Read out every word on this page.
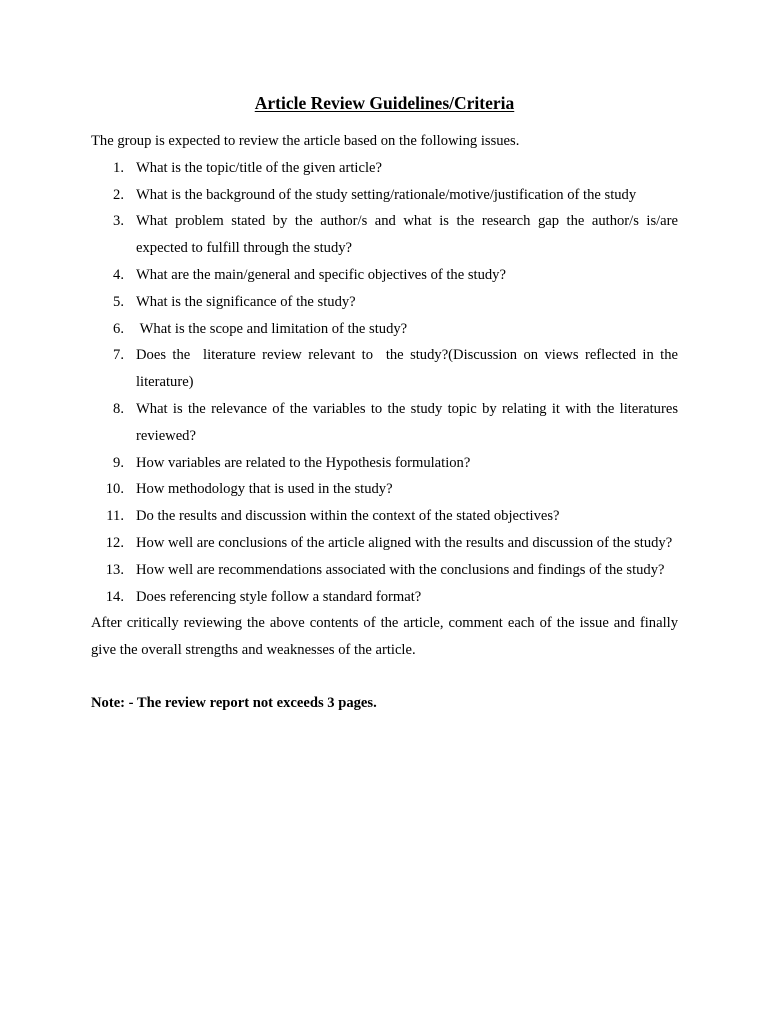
Article Review Guidelines/Criteria

The group is expected to review the article based on the following issues.

1. What is the topic/title of the given article?
2. What is the background of the study setting/rationale/motive/justification of the study
3. What problem stated by the author/s and what is the research gap the author/s is/are expected to fulfill through the study?
4. What are the main/general and specific objectives of the study?
5. What is the significance of the study?
6. What is the scope and limitation of the study?
7. Does the  literature review relevant to  the study?(Discussion on views reflected in the literature)
8. What is the relevance of the variables to the study topic by relating it with the literatures reviewed?
9. How variables are related to the Hypothesis formulation?
10. How methodology that is used in the study?
11. Do the results and discussion within the context of the stated objectives?
12. How well are conclusions of the article aligned with the results and discussion of the study?
13. How well are recommendations associated with the conclusions and findings of the study?
14. Does referencing style follow a standard format?

After critically reviewing the above contents of the article, comment each of the issue and finally give the overall strengths and weaknesses of the article.

Note: - The review report not exceeds 3 pages.
